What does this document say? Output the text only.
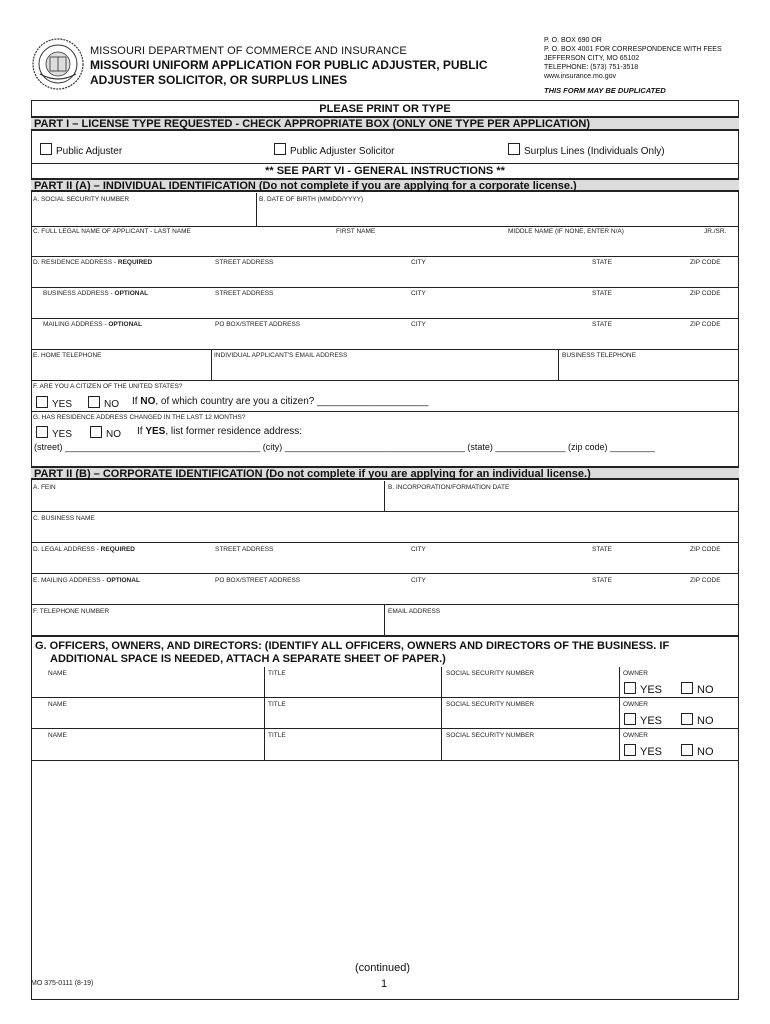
MISSOURI DEPARTMENT OF COMMERCE AND INSURANCE
MISSOURI UNIFORM APPLICATION FOR PUBLIC ADJUSTER, PUBLIC
ADJUSTER SOLICITOR, OR SURPLUS LINES
P. O. BOX 690 OR
P. O. BOX 4001 FOR CORRESPONDENCE WITH FEES
JEFFERSON CITY, MO 65102
TELEPHONE: (573) 751-3518
www.insurance.mo.gov
THIS FORM MAY BE DUPLICATED
PLEASE PRINT OR TYPE
PART I – LICENSE TYPE REQUESTED - CHECK APPROPRIATE BOX (ONLY ONE TYPE PER APPLICATION)
Public Adjuster	Public Adjuster Solicitor	Surplus Lines (Individuals Only)
** SEE PART VI - GENERAL INSTRUCTIONS **
PART II (A) – INDIVIDUAL IDENTIFICATION (Do not complete if you are applying for a corporate license.)
A. SOCIAL SECURITY NUMBER	B. DATE OF BIRTH (MM/DD/YYYY)
C. FULL LEGAL NAME OF APPLICANT - LAST NAME	FIRST NAME	MIDDLE NAME (IF NONE, ENTER N/A)	JR./SR.
D. RESIDENCE ADDRESS - REQUIRED	STREET ADDRESS	CITY	STATE	ZIP CODE
BUSINESS ADDRESS - OPTIONAL	STREET ADDRESS	CITY	STATE	ZIP CODE
MAILING ADDRESS - OPTIONAL	PO BOX/STREET ADDRESS	CITY	STATE	ZIP CODE
E. HOME TELEPHONE	INDIVIDUAL APPLICANT'S EMAIL ADDRESS	BUSINESS TELEPHONE
F. ARE YOU A CITIZEN OF THE UNITED STATES?
YES	NO If NO, of which country are you a citizen? ____________________
G. HAS RESIDENCE ADDRESS CHANGED IN THE LAST 12 MONTHS?
YES	NO If YES, list former residence address:
(street) _______________________________________ (city) ____________________________________ (state) ______________ (zip code) _________
PART II (B) – CORPORATE IDENTIFICATION (Do not complete if you are applying for an individual license.)
A. FEIN	B. INCORPORATION/FORMATION DATE
C. BUSINESS NAME
D. LEGAL ADDRESS - REQUIRED	STREET ADDRESS	CITY	STATE	ZIP CODE
E. MAILING ADDRESS - OPTIONAL	PO BOX/STREET ADDRESS	CITY	STATE	ZIP CODE
F. TELEPHONE NUMBER	EMAIL ADDRESS
G. OFFICERS, OWNERS, AND DIRECTORS: (IDENTIFY ALL OFFICERS, OWNERS AND DIRECTORS OF THE BUSINESS. IF
ADDITIONAL SPACE IS NEEDED, ATTACH A SEPARATE SHEET OF PAPER.)
NAME	TITLE	SOCIAL SECURITY NUMBER	OWNER
YES	NO
NAME	TITLE	SOCIAL SECURITY NUMBER	OWNER
YES	NO
NAME	TITLE	SOCIAL SECURITY NUMBER	OWNER
YES	NO
(continued)
1
MO 375-0111 (8-19)
